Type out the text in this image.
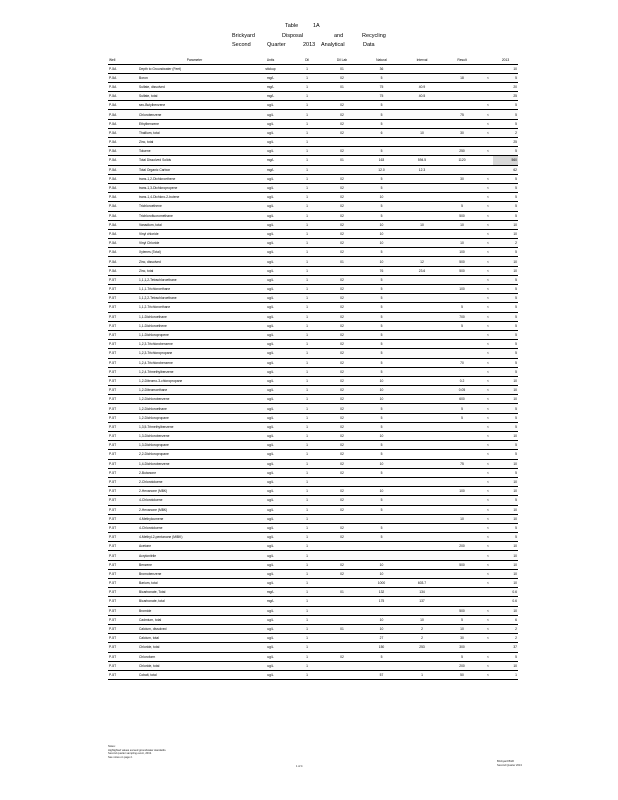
Table	1A
Brickyard	Disposal	and	Recycling
Second	Quarter	2013 Analytical	Data
Well	Parameter	Units	Dil	Dil Lab	Natural	Interval	Result		2013
P-5A	Depth to Groundwater (Feet)	stickup	1	01	36				10
P-5A	Boron	mg/L	1	02	5		18	<	5
P-5A	Sulfate, dissolved	mg/L	1	01	75	40.9			20
P-5A	Sulfate, total	mg/L	1		75	40.5			25
P-5A	sec-Butylbenzene	ug/L	1	02	5			<	5
P-5A	Chlorobenzene	ug/L	1	02	5		75	<	5
P-5A	Ethylbenzene	ug/L	1	02	5			<	5
P-5A	Thallium, total	ug/L	1	02	6	10	30	<	2
P-5A	Zinc, total	ug/L	1						25
P-5A	Toluene	ug/L	1	02	5		250	<	5
P-5A	Total Dissolved Solids	mg/L	1	01	163	594.5	1120		560
P-5A	Total Organic Carbon	mg/L	1		12.0	12.3			62
P-5A	trans-1,2-Dichloroethene	ug/L	1	02	5		30	<	5
P-5A	trans-1,3-Dichloropropene	ug/L	1	02	5			<	5
P-5A	trans-1,4-Dichloro-2-butene	ug/L	1	02	10			<	5
P-5A	Trichloroethene	ug/L	1	02	5		5	<	5
P-5A	Trichlorofluoromethane	ug/L	1	02	5		500	<	5
P-5A	Vanadium, total	ug/L	1	02	10	10	10	<	10
P-5A	Vinyl chloride	ug/L	1	02	10			<	10
P-5A	Vinyl Chloride	ug/L	1	02	10		10	<	2
P-5A	Xylenes (Total)	ug/L	1	02	5		100	<	5
P-5A	Zinc, dissolved	ug/L	1	01	10	12	500	<	10
P-5A	Zinc, total	ug/L	1		76	23.6	500	<	10
P-5T	1,1,1,2-Tetrachloroethane	ug/L	1	02	5			<	5
P-5T	1,1,1-Trichloroethane	ug/L	1	02	5		100	<	5
P-5T	1,1,2,2-Tetrachloroethane	ug/L	1	02	5			<	5
P-5T	1,1,2-Trichloroethane	ug/L	1	02	5		5	<	5
P-5T	1,1-Dichloroethane	ug/L	1	02	5		700	<	5
P-5T	1,1-Dichloroethene	ug/L	1	02	5		5	<	5
P-5T	1,1-Dichloropropene	ug/L	1	02	5			<	5
P-5T	1,2,3-Trichlorobenzene	ug/L	1	02	5			<	5
P-5T	1,2,3-Trichloropropane	ug/L	1	02	5			<	5
P-5T	1,2,4-Trichlorobenzene	ug/L	1	02	5		70	<	5
P-5T	1,2,4-Trimethylbenzene	ug/L	1	02	5			<	5
P-5T	1,2-Dibromo-3-chloropropane	ug/L	1	02	10		0.2	<	10
P-5T	1,2-Dibromoethane	ug/L	1	02	10		0.05	<	10
P-5T	1,2-Dichlorobenzene	ug/L	1	02	10		600	<	10
P-5T	1,2-Dichloroethane	ug/L	1	02	5		5	<	5
P-5T	1,2-Dichloropropane	ug/L	1	02	5		5	<	5
P-5T	1,3,5-Trimethylbenzene	ug/L	1	02	5			<	5
P-5T	1,3-Dichlorobenzene	ug/L	1	02	10			<	10
P-5T	1,3-Dichloropropane	ug/L	1	02	5			<	5
P-5T	2,2-Dichloropropane	ug/L	1	02	5			<	5
P-5T	1,4-Dichlorobenzene	ug/L	1	02	10		75	<	10
P-5T	2-Butanone	ug/L	1	02	5			<	5
P-5T	2-Chlorotoluene	ug/L	1					<	10
P-5T	2-Hexanone (MBK)	ug/L	1	02	10		100	<	10
P-5T	4-Chlorotoluene	ug/L	1	02	5			<	5
P-5T	2-Hexanone (MBK)	ug/L	1	02	5			<	10
P-5T	4-Methylcumene	ug/L	1				10	<	10
P-5T	4-Chlorotoluene	ug/L	1	02	5			<	5
P-5T	4-Methyl-2-pentanone (MIBK)	ug/L	1	02	5			<	5
P-5T	Acetone	ug/L	1				200	<	10
P-5T	Acrylonitrile	ug/L	1					<	10
P-5T	Benzene	ug/L	1	02	10		500	<	10
P-5T	Bromobenzene	ug/L	1	02	10			<	10
P-5T	Barium, total	ug/L	1		1000	603.7		<	10
P-5T	Bicarbonate, Total	mg/L	1	01	132	134			0.6
P-5T	Bicarbonate, total	mg/L	1		175	137			0.6
P-5T	Bromide	ug/L	1				500	<	10
P-5T	Cadmium, total	ug/L	1		10	10	5	<	6
P-5T	Calcium, dissolved	ug/L	1	01	10	2	10	<	2
P-5T	Calcium, total	ug/L	1		27	2	30	<	2
P-5T	Chloride, total	ug/L	1		150	253	300		37
P-5T	Chloroform	ug/L	1	02	5		5	<	5
P-5T	Chloride, total	ug/L	1				200	<	10
P-5T	Cobalt, total	ug/L	1		57	1	50	<	1
Notes:
Highlighted values exceed groundwater standards.
Second quarter sampling event, 2013.
See notes on page 2.
1 of 4
Brickyard B&R
Second Quarter 2013
